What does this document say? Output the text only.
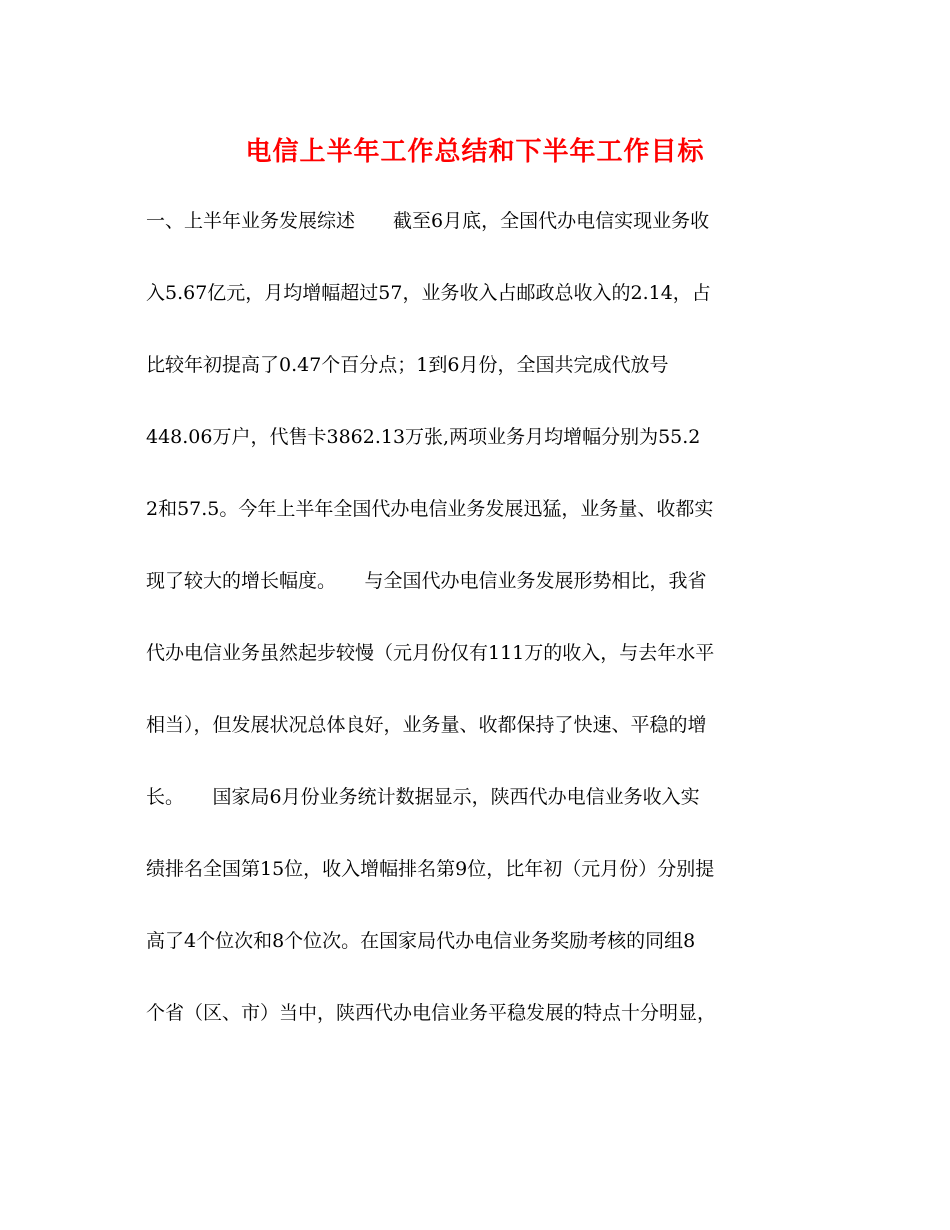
电信上半年工作总结和下半年工作目标
一、上半年业务发展综述　　截至6月底，全国代办电信实现业务收
入5.67亿元，月均增幅超过57，业务收入占邮政总收入的2.14，占
比较年初提高了0.47个百分点；1到6月份，全国共完成代放号
448.06万户，代售卡3862.13万张,两项业务月均增幅分别为55.2
2和57.5。今年上半年全国代办电信业务发展迅猛，业务量、收都实
现了较大的增长幅度。　　与全国代办电信业务发展形势相比，我省
代办电信业务虽然起步较慢（元月份仅有111万的收入，与去年水平
相当），但发展状况总体良好，业务量、收都保持了快速、平稳的增
长。　　国家局6月份业务统计数据显示，陕西代办电信业务收入实
绩排名全国第15位，收入增幅排名第9位，比年初（元月份）分别提
高了4个位次和8个位次。在国家局代办电信业务奖励考核的同组8
个省（区、市）当中，陕西代办电信业务平稳发展的特点十分明显，
